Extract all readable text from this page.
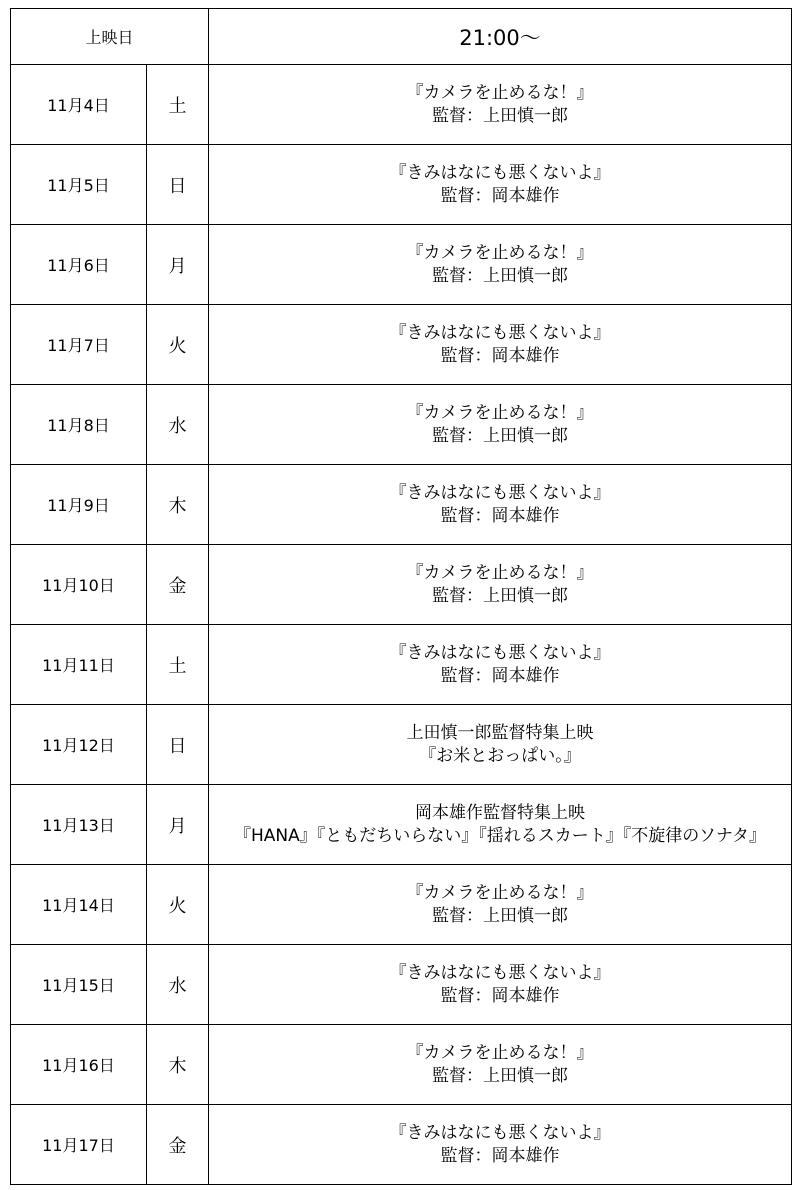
上映日		21:00～
11月4日	土	『カメラを止めるな！』
監督：上田慎一郎

11月5日	日	『きみはなにも悪くないよ』
監督：岡本雄作

11月6日	月	『カメラを止めるな！』
監督：上田慎一郎

11月7日	火	『きみはなにも悪くないよ』
監督：岡本雄作

11月8日	水	『カメラを止めるな！』
監督：上田慎一郎

11月9日	木	『きみはなにも悪くないよ』
監督：岡本雄作

11月10日	金	『カメラを止めるな！』
監督：上田慎一郎

11月11日	土	『きみはなにも悪くないよ』
監督：岡本雄作

11月12日	日	上田慎一郎監督特集上映
『お米とおっぱい。』

11月13日	月	岡本雄作監督特集上映
『HANA』『ともだちいらない』『揺れるスカート』『不旋律のソナタ』

11月14日	火	『カメラを止めるな！』
監督：上田慎一郎

11月15日	水	『きみはなにも悪くないよ』
監督：岡本雄作

11月16日	木	『カメラを止めるな！』
監督：上田慎一郎

11月17日	金	『きみはなにも悪くないよ』
監督：岡本雄作
